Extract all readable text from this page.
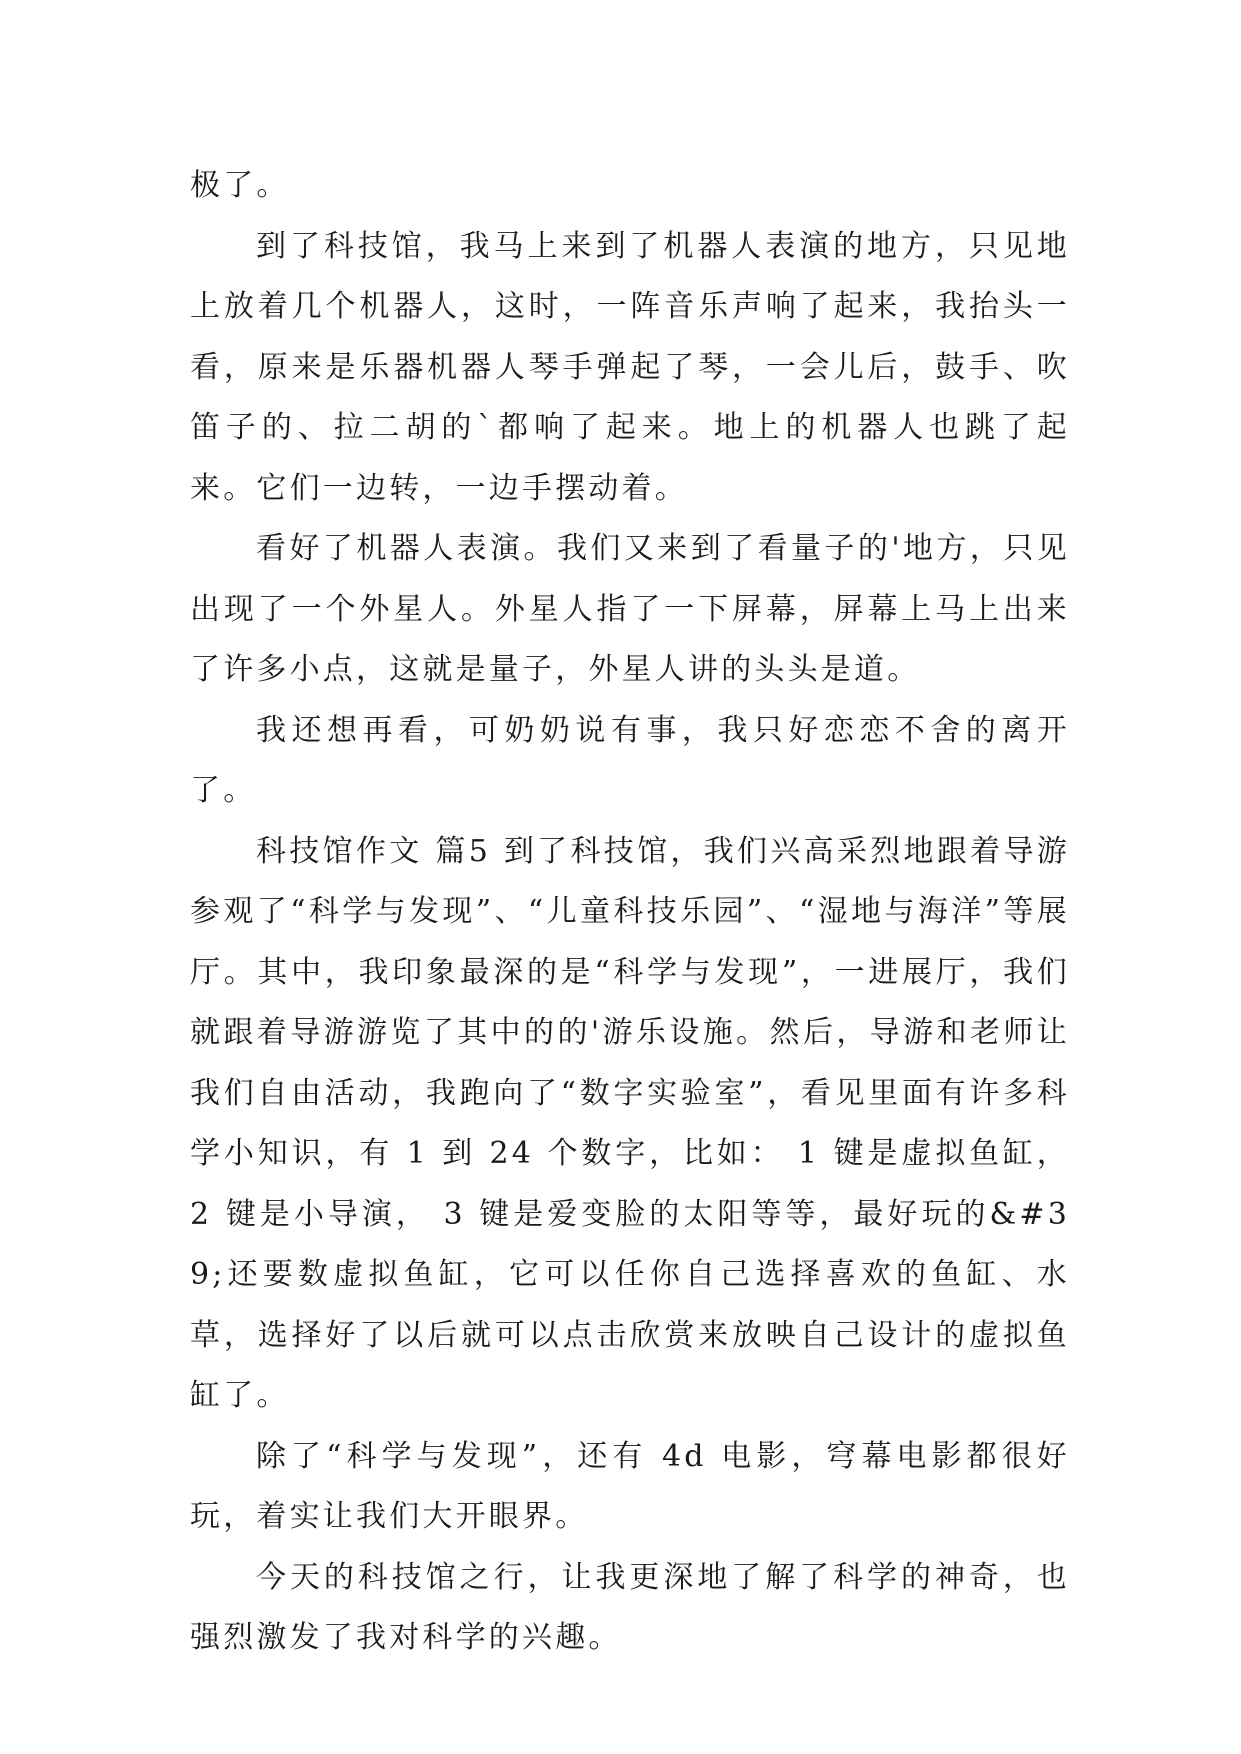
极了。

到了科技馆，我马上来到了机器人表演的地方，只见地上放着几个机器人，这时，一阵音乐声响了起来，我抬头一看，原来是乐器机器人琴手弹起了琴，一会儿后，鼓手、吹笛子的、拉二胡的`都响了起来。地上的机器人也跳了起来。它们一边转，一边手摆动着。

看好了机器人表演。我们又来到了看量子的'地方，只见出现了一个外星人。外星人指了一下屏幕，屏幕上马上出来了许多小点，这就是量子，外星人讲的头头是道。

我还想再看，可奶奶说有事，我只好恋恋不舍的离开了。

科技馆作文 篇5 到了科技馆，我们兴高采烈地跟着导游参观了“科学与发现”、“儿童科技乐园”、“湿地与海洋”等展厅。其中，我印象最深的是“科学与发现”，一进展厅，我们就跟着导游游览了其中的的'游乐设施。然后，导游和老师让我们自由活动，我跑向了“数字实验室”，看见里面有许多科学小知识，有 1 到 24 个数字，比如： 1 键是虚拟鱼缸， 2 键是小导演， 3 键是爱变脸的太阳等等，最好玩的&#39;还要数虚拟鱼缸，它可以任你自己选择喜欢的鱼缸、水草，选择好了以后就可以点击欣赏来放映自己设计的虚拟鱼缸了。

除了“科学与发现”，还有 4d 电影，穹幕电影都很好玩，着实让我们大开眼界。

今天的科技馆之行，让我更深地了解了科学的神奇，也强烈激发了我对科学的兴趣。
